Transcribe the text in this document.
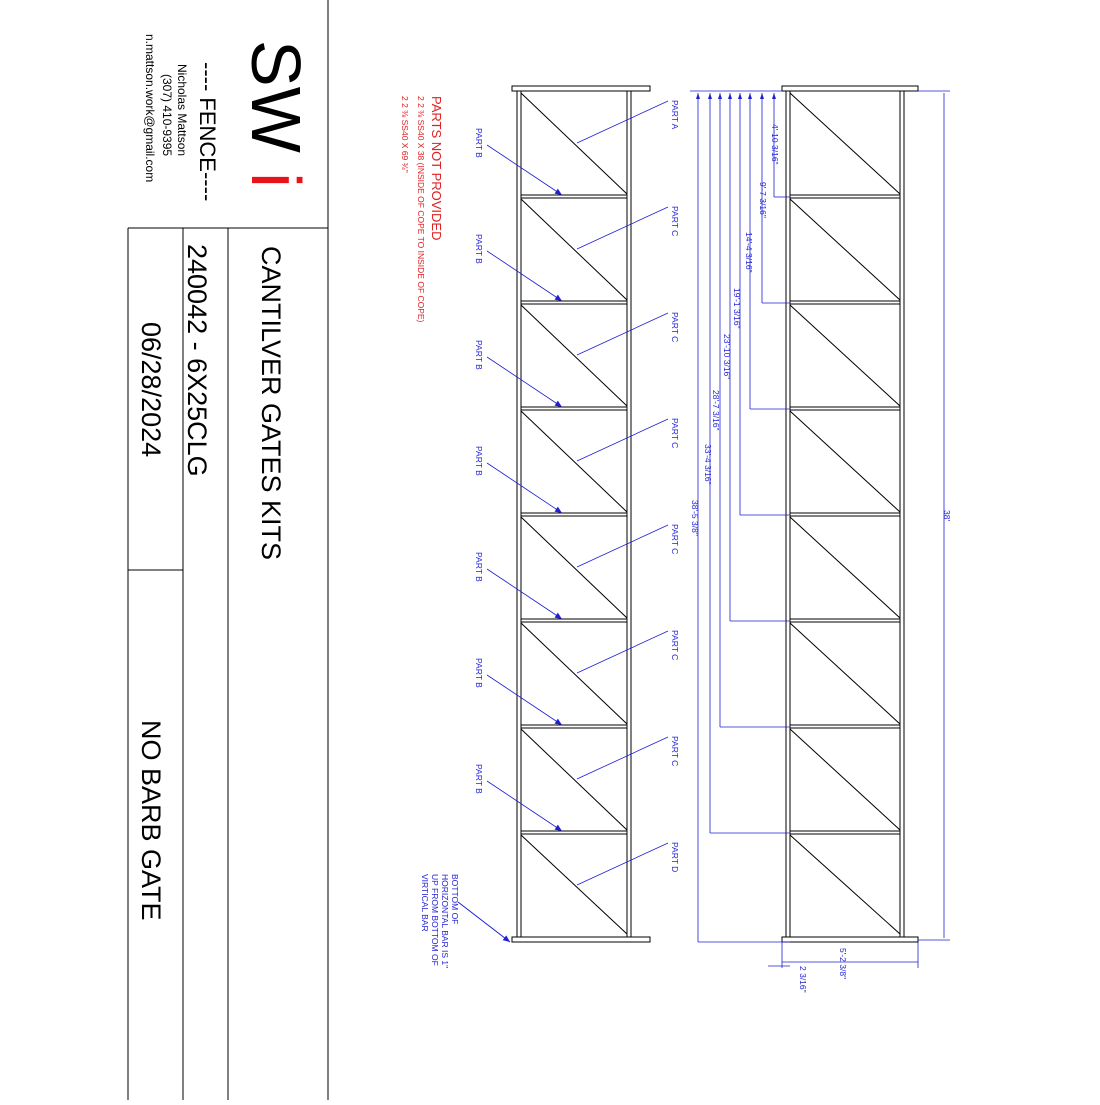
SW i
---- FENCE----
Nicholas Mattson
(307) 410-9395
n.mattson.work@gmail.com
CANTILVER GATES KITS
240042 - 6X25CLG
06/28/2024
NO BARB GATE
PARTS NOT PROVIDED
2 2 ⅜ SS40 X 38 (INSIDE OF COPE TO INSIDE OF COPE)
2 2 ⅜ SS40 X 69 ¾"
BOTTOM OF
HORIZONTAL BAR IS 1"
UP FROM BOTTOM OF
VIRTICAL BAR
PART A
PART C
PART C
PART C
PART C
PART C
PART C
PART D
PART B
PART B
PART B
PART B
PART B
PART B
PART B
4'-10 3/16"
9'-7 3/16"
14'-4 3/16"
19'-1 3/16"
23'-10 3/16"
28'-7 3/16"
33'-4 3/16"
38'-5 3/8"	38'
5'-2 3/8"
2 3/16"
